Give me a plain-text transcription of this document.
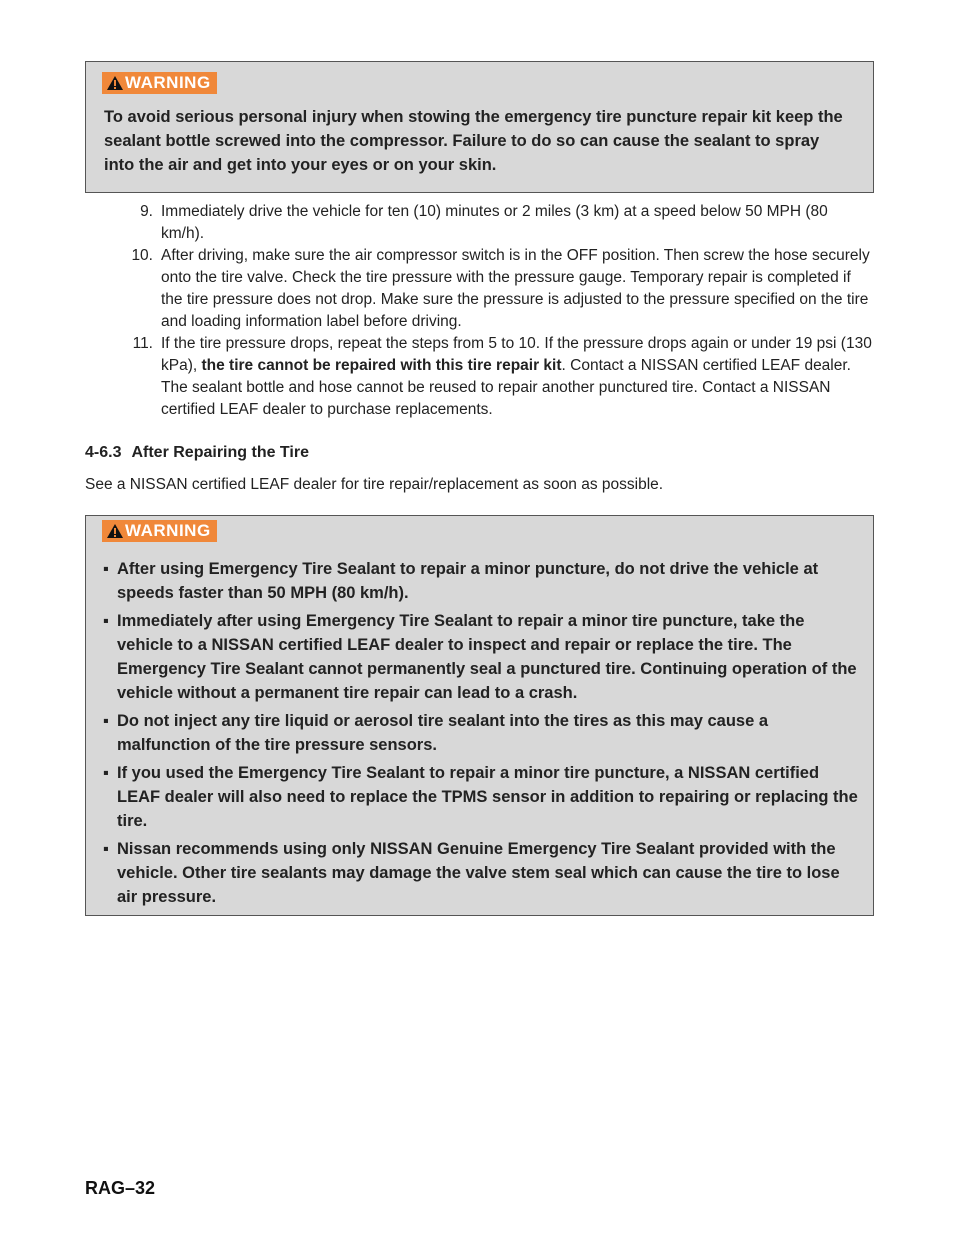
WARNING

To avoid serious personal injury when stowing the emergency tire puncture repair kit keep the sealant bottle screwed into the compressor. Failure to do so can cause the sealant to spray into the air and get into your eyes or on your skin.

9. Immediately drive the vehicle for ten (10) minutes or 2 miles (3 km) at a speed below 50 MPH (80 km/h).
10. After driving, make sure the air compressor switch is in the OFF position. Then screw the hose securely onto the tire valve. Check the tire pressure with the pressure gauge. Temporary repair is completed if the tire pressure does not drop. Make sure the pressure is adjusted to the pressure specified on the tire and loading information label before driving.
11. If the tire pressure drops, repeat the steps from 5 to 10. If the pressure drops again or under 19 psi (130 kPa), the tire cannot be repaired with this tire repair kit. Contact a NISSAN certified LEAF dealer. The sealant bottle and hose cannot be reused to repair another punctured tire. Contact a NISSAN certified LEAF dealer to purchase replacements.
4-6.3 After Repairing the Tire

See a NISSAN certified LEAF dealer for tire repair/replacement as soon as possible.

WARNING
▪ After using Emergency Tire Sealant to repair a minor puncture, do not drive the vehicle at speeds faster than 50 MPH (80 km/h).
▪ Immediately after using Emergency Tire Sealant to repair a minor tire puncture, take the vehicle to a NISSAN certified LEAF dealer to inspect and repair or replace the tire. The Emergency Tire Sealant cannot permanently seal a punctured tire. Continuing operation of the vehicle without a permanent tire repair can lead to a crash.
▪ Do not inject any tire liquid or aerosol tire sealant into the tires as this may cause a malfunction of the tire pressure sensors.
▪ If you used the Emergency Tire Sealant to repair a minor tire puncture, a NISSAN certified LEAF dealer will also need to replace the TPMS sensor in addition to repairing or replacing the tire.
▪ Nissan recommends using only NISSAN Genuine Emergency Tire Sealant provided with the vehicle. Other tire sealants may damage the valve stem seal which can cause the tire to lose air pressure.
RAG–32
